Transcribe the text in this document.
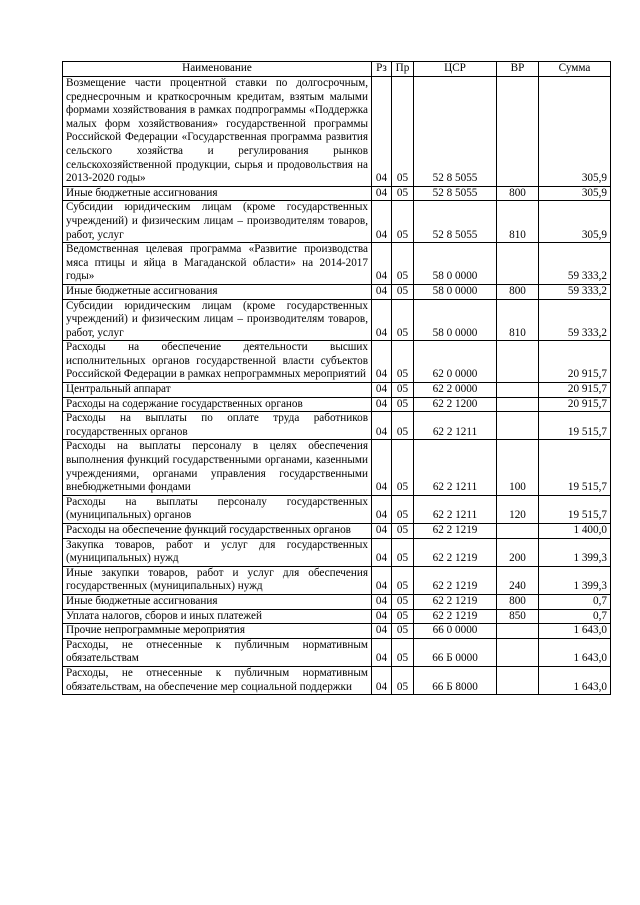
Наименование	Рз	Пр	ЦСР	ВР	Сумма
Возмещение части процентной ставки по долгосрочным, среднесрочным и краткосрочным кредитам, взятым малыми формами хозяйствования в рамках подпрограммы «Поддержка малых форм хозяйствования» государственной программы Российской Федерации «Государственная программа развития сельского хозяйства и регулирования рынков сельскохозяйственной продукции, сырья и продовольствия на 2013-2020 годы»	04	05	52 8 5055		305,9
Иные бюджетные ассигнования	04	05	52 8 5055	800	305,9
Субсидии юридическим лицам (кроме государственных учреждений) и физическим лицам – производителям товаров, работ, услуг	04	05	52 8 5055	810	305,9
Ведомственная целевая программа «Развитие производства мяса птицы и яйца в Магаданской области» на 2014-2017 годы»	04	05	58 0 0000		59 333,2
Иные бюджетные ассигнования	04	05	58 0 0000	800	59 333,2
Субсидии юридическим лицам (кроме государственных учреждений) и физическим лицам – производителям товаров, работ, услуг	04	05	58 0 0000	810	59 333,2
Расходы на обеспечение деятельности высших исполнительных органов государственной власти субъектов Российской Федерации в рамках непрограммных мероприятий	04	05	62 0 0000		20 915,7
Центральный аппарат	04	05	62 2 0000		20 915,7
Расходы на содержание государственных органов	04	05	62 2 1200		20 915,7
Расходы на выплаты по оплате труда работников государственных органов	04	05	62 2 1211		19 515,7
Расходы на выплаты персоналу в целях обеспечения выполнения функций государственными органами, казенными учреждениями, органами управления государственными внебюджетными фондами	04	05	62 2 1211	100	19 515,7
Расходы на выплаты персоналу государственных (муниципальных) органов	04	05	62 2 1211	120	19 515,7
Расходы на обеспечение функций государственных органов	04	05	62 2 1219		1 400,0
Закупка товаров, работ и услуг для государственных (муниципальных) нужд	04	05	62 2 1219	200	1 399,3
Иные закупки товаров, работ и услуг для обеспечения государственных (муниципальных) нужд	04	05	62 2 1219	240	1 399,3
Иные бюджетные ассигнования	04	05	62 2 1219	800	0,7
Уплата налогов, сборов и иных платежей	04	05	62 2 1219	850	0,7
Прочие непрограммные мероприятия	04	05	66 0 0000		1 643,0
Расходы, не отнесенные к публичным нормативным обязательствам	04	05	66 Б 0000		1 643,0
Расходы, не отнесенные к публичным нормативным обязательствам, на обеспечение мер социальной поддержки	04	05	66 Б 8000		1 643,0
